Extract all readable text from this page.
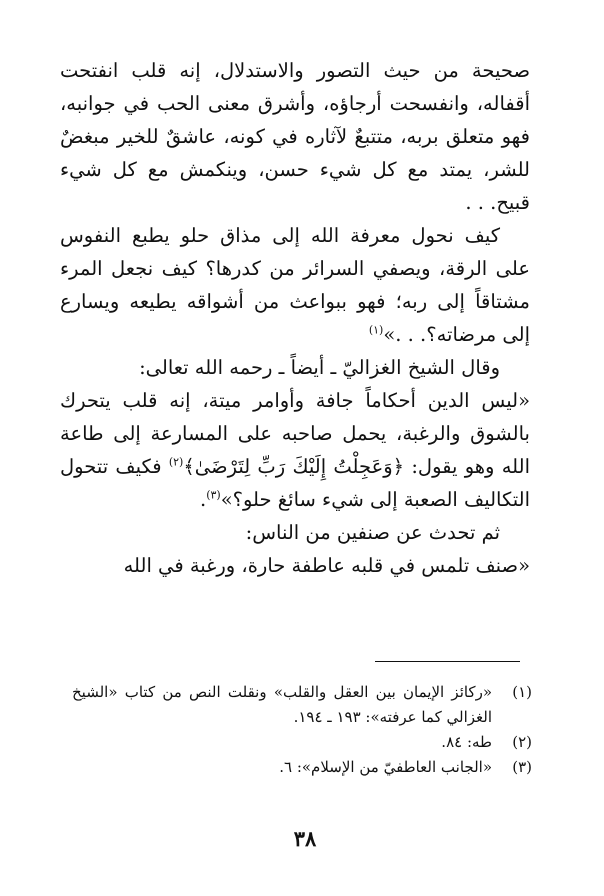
صحيحة من حيث التصور والاستدلال، إنه قلب انفتحت أقفاله، وانفسحت أرجاؤه، وأشرق معنى الحب في جوانبه، فهو متعلق بربه، متتبعٌ لآثاره في كونه، عاشقٌ للخير مبغضٌ للشر، يمتد مع كل شيء حسن، وينكمش مع كل شيء قبيح. . .

كيف نحول معرفة الله إلى مذاق حلو يطبع النفوس على الرقة، ويصفي السرائر من كدرها؟ كيف نجعل المرء مشتاقاً إلى ربه؛ فهو ببواعث من أشواقه يطيعه ويسارع إلى مرضاته؟. . .»$^{(١)}$

وقال الشيخ الغزاليّ ـ أيضاً ـ رحمه الله تعالى:

«ليس الدين أحكاماً جافة وأوامر ميتة، إنه قلب يتحرك بالشوق والرغبة، يحمل صاحبه على المسارعة إلى طاعة الله وهو يقول: ﴿وَعَجِلْتُ إِلَيْكَ رَبِّ لِتَرْضَىٰ﴾$^{(٢)}$ فكيف تتحول التكاليف الصعبة إلى شيء سائغ حلو؟»$^{(٣)}$.

ثم تحدث عن صنفين من الناس:

«صنف تلمس في قلبه عاطفة حارة، ورغبة في الله

(١)
«ركائز الإيمان بين العقل والقلب» ونقلت النص من كتاب «الشيخ الغزالي كما عرفته»: ١٩٣ ـ ١٩٤.
(٢)
طه: ٨٤.
(٣)
«الجانب العاطفيّ من الإسلام»: ٦.
٣٨
